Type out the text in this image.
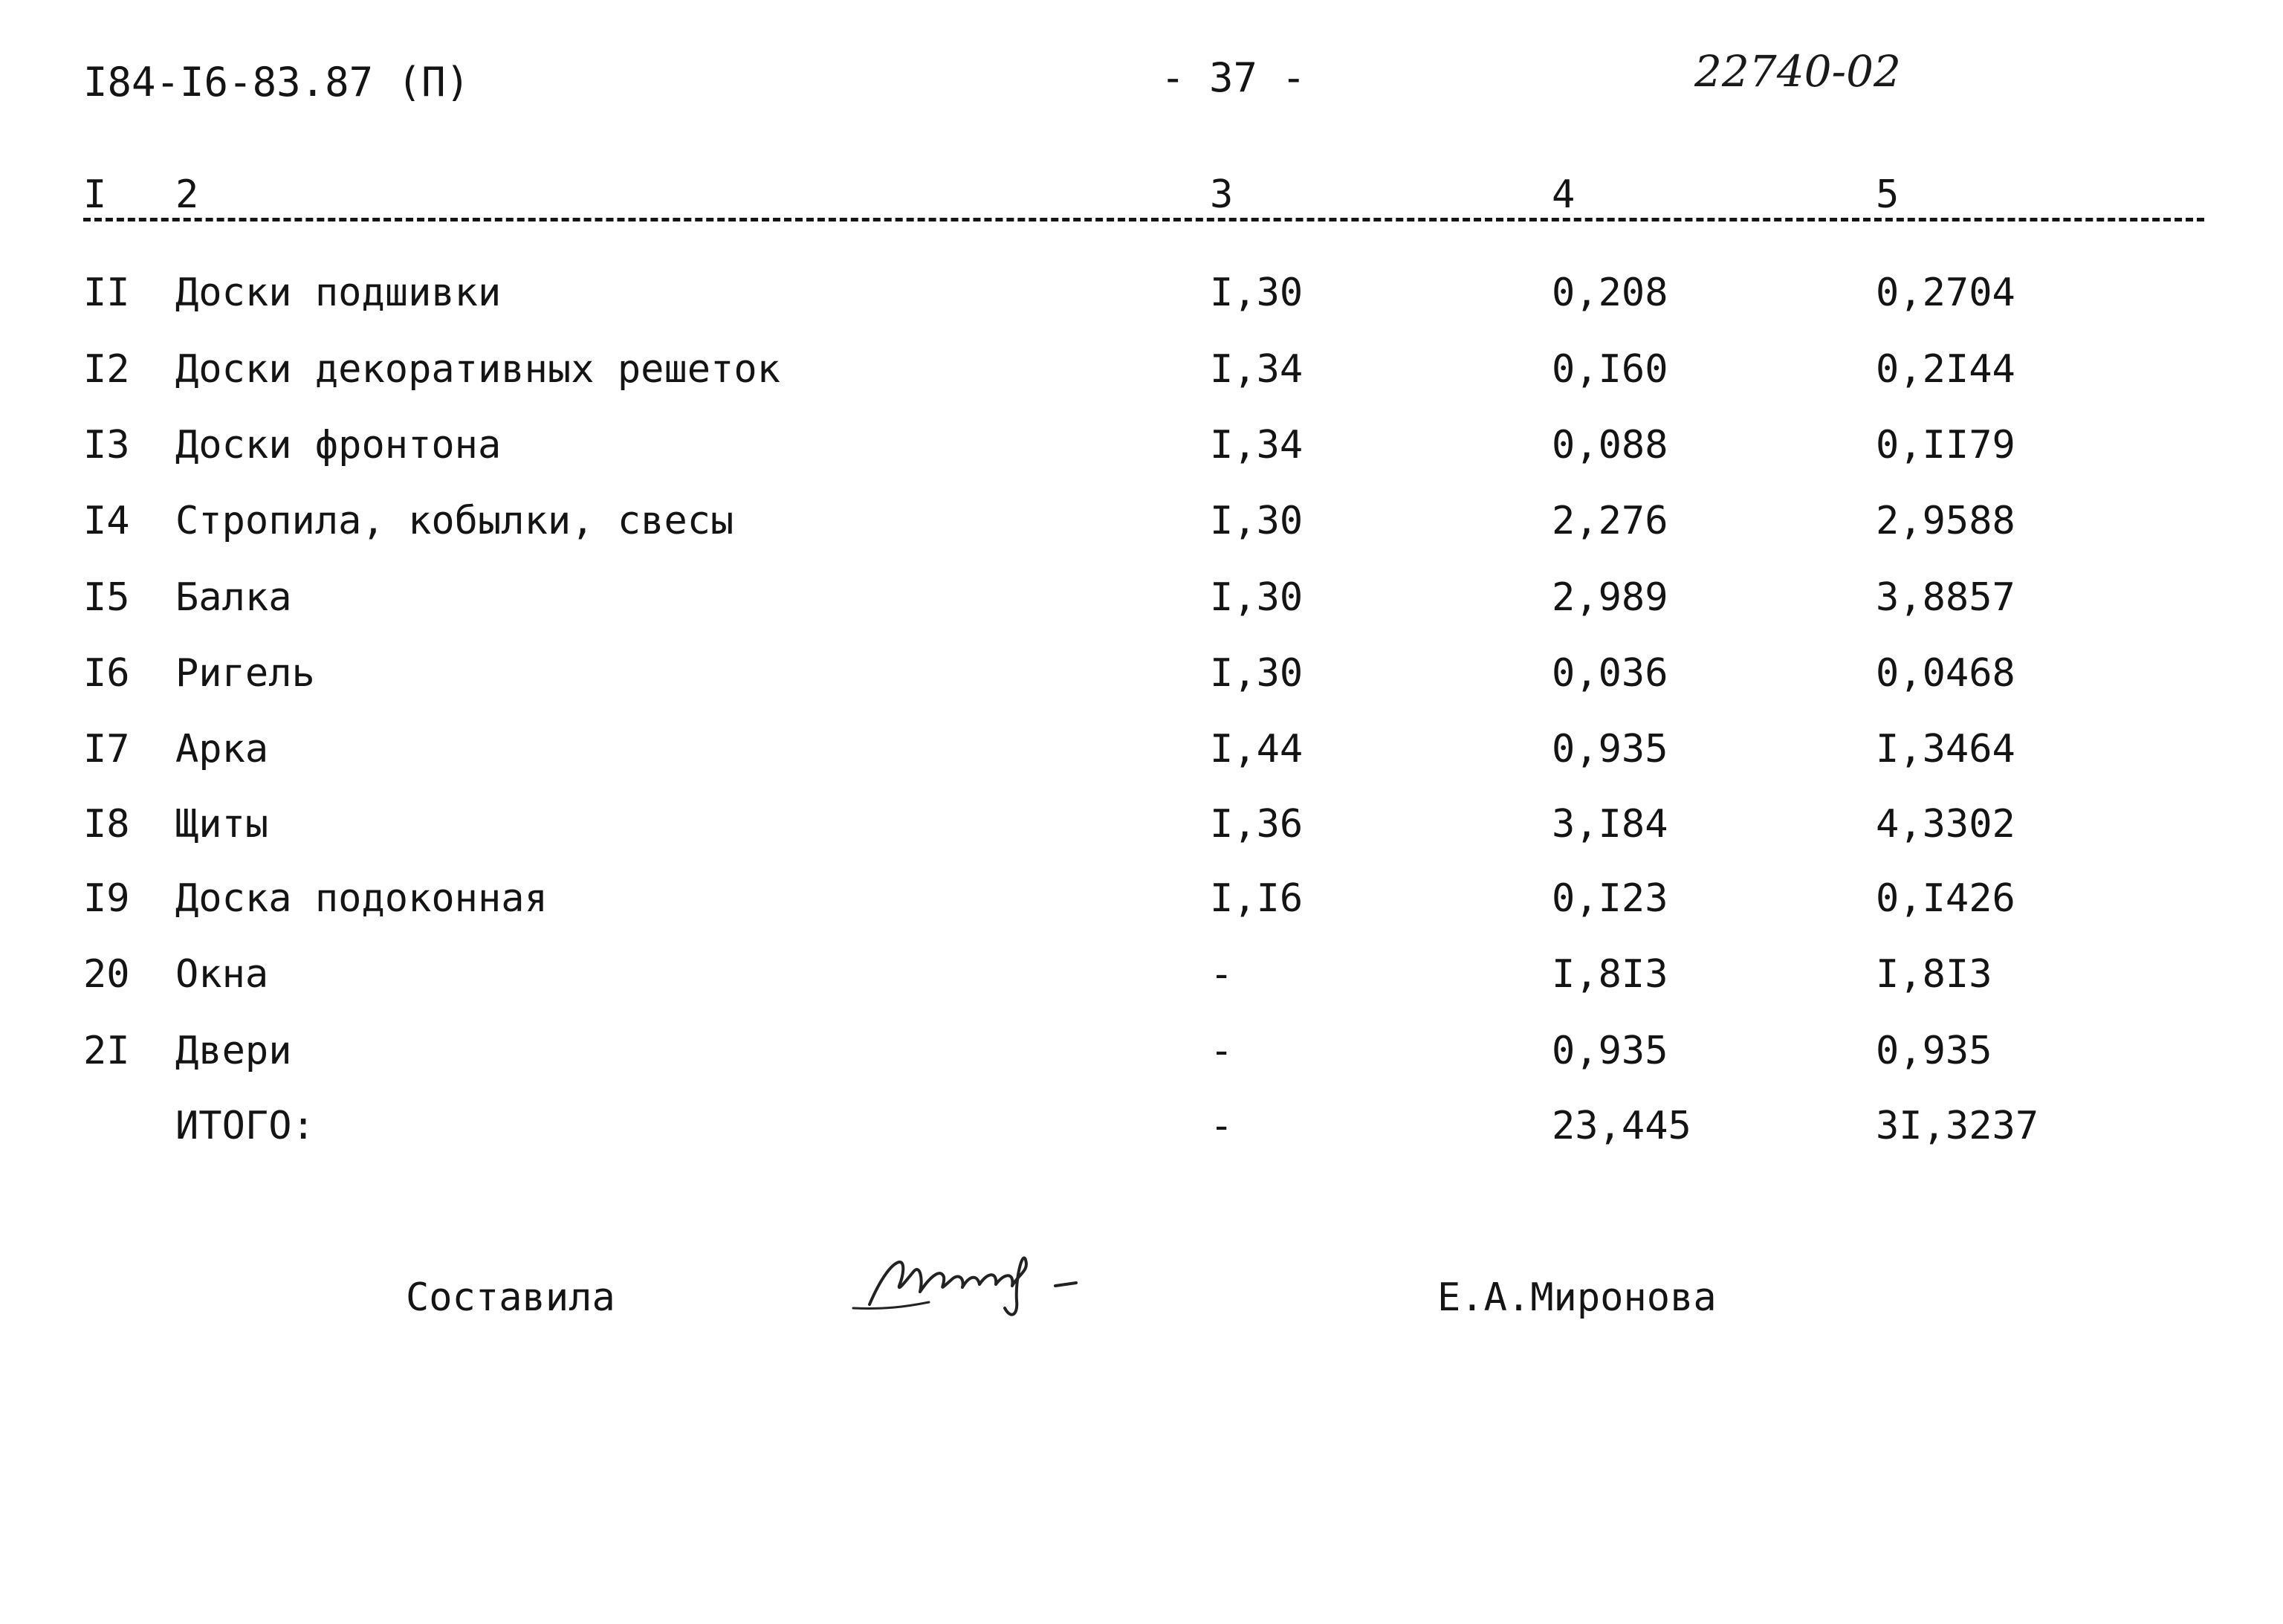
I84-I6-83.87 (П)	- 37 -	22740-02
I 2	3	4	5
II Доски подшивки	I,30	0,208	0,2704
I2 Доски декоративных решеток	I,34	0,I60	0,2I44
I3 Доски фронтона	I,34	0,088	0,II79
I4 Стропила, кобылки, свесы	I,30	2,276	2,9588
I5 Балка	I,30	2,989	3,8857
I6 Ригель	I,30	0,036	0,0468
I7 Арка	I,44	0,935	I,3464
I8 Щиты	I,36	3,I84	4,3302
I9 Доска подоконная	I,I6	0,I23	0,I426
20 Окна	-	I,8I3	I,8I3
2I Двери	-	0,935	0,935
ИТОГО:	-	23,445	3I,3237
Составила	Е.А.Миронова
